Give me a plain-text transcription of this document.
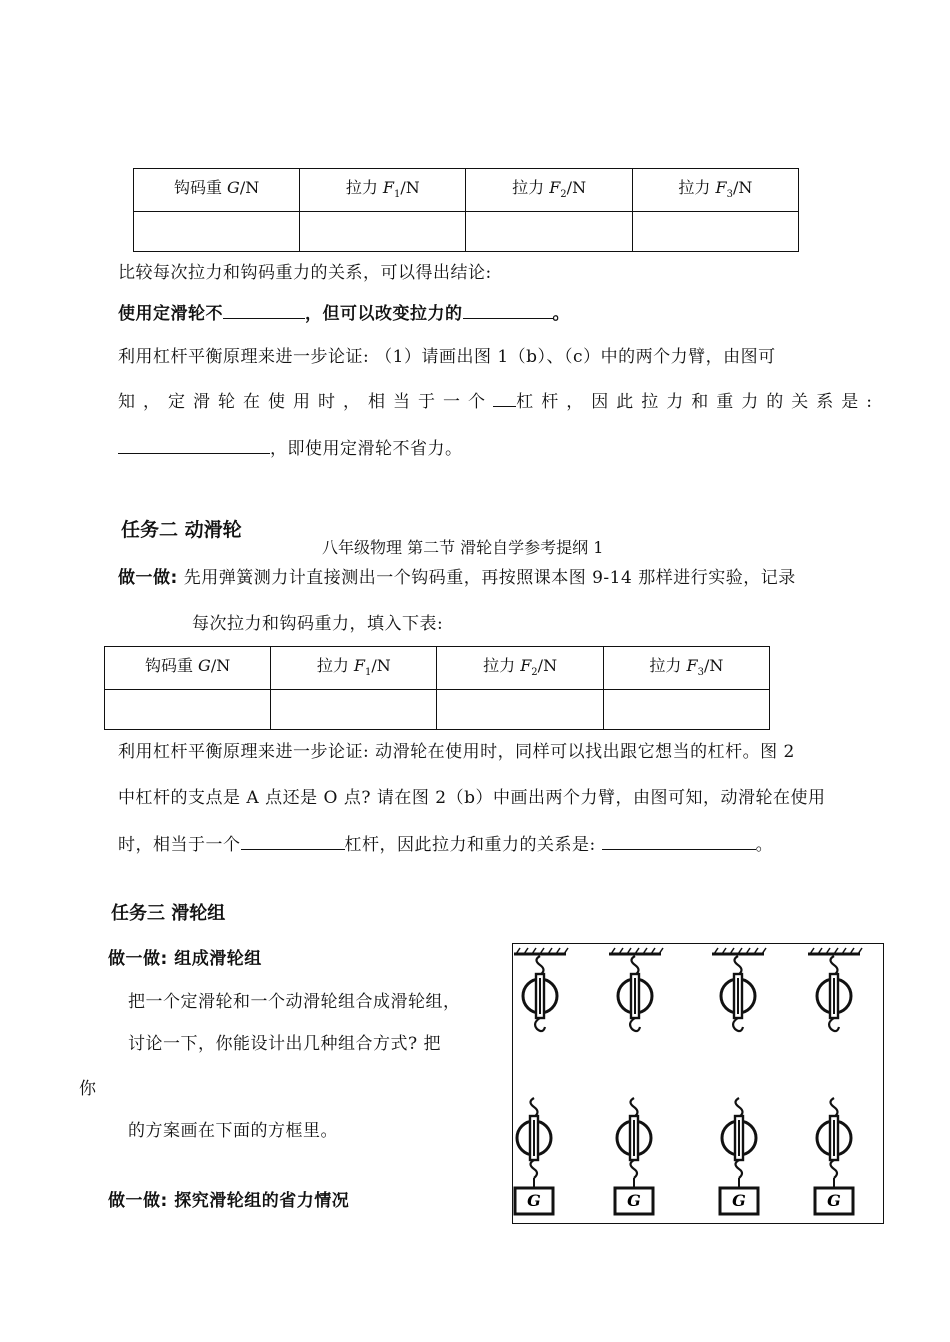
钩码重 G/N	拉力 $F_1/N$	拉力 $F_2/N$	拉力 $F_3/N$

比较每次拉力和钩码重力的关系，可以得出结论:
使用定滑轮不	，但可以改变拉力的	。
利用杠杆平衡原理来进一步论证: （1）请画出图 1（b）、（c）中的两个力臂，由图可
知，定滑轮在使用时，相当于一个 杠杆，因此拉力和重力的关系是:
，即使用定滑轮不省力。
任务二 动滑轮
八年级物理 第二节 滑轮自学参考提纲 1
做一做: 先用弹簧测力计直接测出一个钩码重，再按照课本图 9-14 那样进行实验，记录
每次拉力和钩码重力，填入下表:
钩码重 G/N	拉力 $F_1/N$	拉力 $F_2/N$	拉力 $F_3/N$

利用杠杆平衡原理来进一步论证: 动滑轮在使用时，同样可以找出跟它想当的杠杆。图 2
中杠杆的支点是 A 点还是 O 点? 请在图 2（b）中画出两个力臂，由图可知，动滑轮在使用
时，相当于一个	杠杆，因此拉力和重力的关系是:	。
任务三 滑轮组
做一做: 组成滑轮组
把一个定滑轮和一个动滑轮组合成滑轮组，
讨论一下，你能设计出几种组合方式? 把
你
的方案画在下面的方框里。
做一做: 探究滑轮组的省力情况	G	G	G	G
